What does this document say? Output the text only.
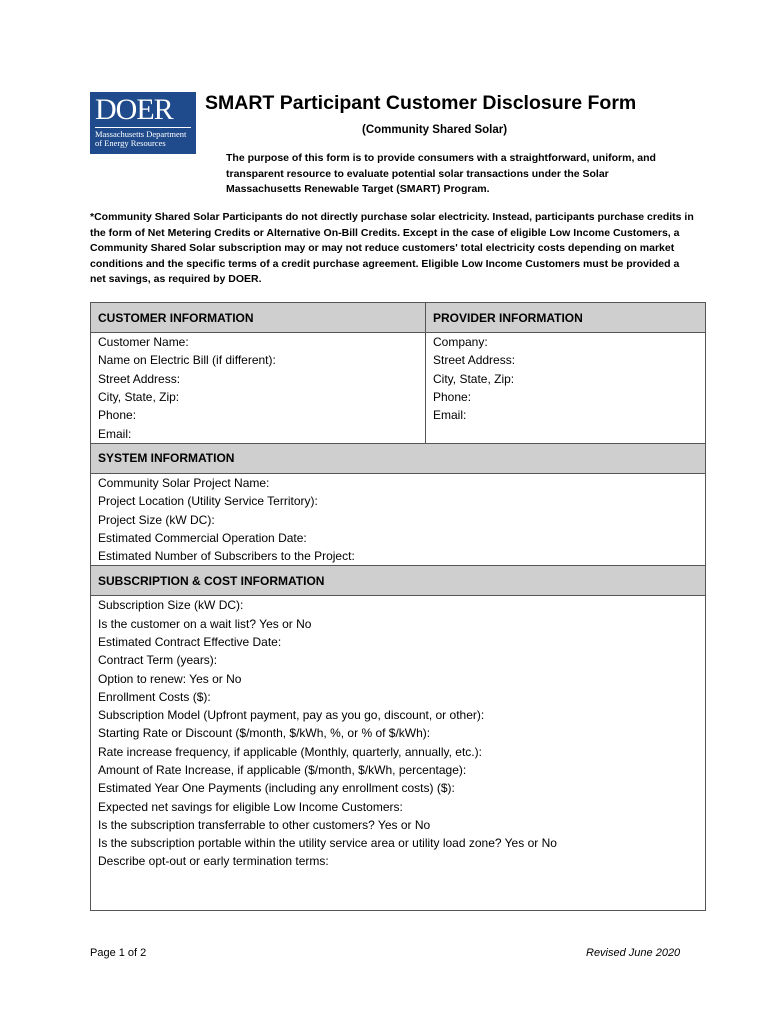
DOER
Massachusetts Department
of Energy Resources
SMART Participant Customer Disclosure Form
(Community Shared Solar)
The purpose of this form is to provide consumers with a straightforward, uniform, and transparent resource to evaluate potential solar transactions under the Solar Massachusetts Renewable Target (SMART) Program.
*Community Shared Solar Participants do not directly purchase solar electricity. Instead, participants purchase credits in the form of Net Metering Credits or Alternative On-Bill Credits. Except in the case of eligible Low Income Customers, a Community Shared Solar subscription may or may not reduce customers' total electricity costs depending on market conditions and the specific terms of a credit purchase agreement. Eligible Low Income Customers must be provided a net savings, as required by DOER.
CUSTOMER INFORMATION	PROVIDER INFORMATION
Customer Name:	Company:
Name on Electric Bill (if different):	Street Address:
Street Address:	City, State, Zip:
City, State, Zip:	Phone:
Phone:	Email:
Email:	
SYSTEM INFORMATION	
Community Solar Project Name:	
Project Location (Utility Service Territory):	
Project Size (kW DC):	
Estimated Commercial Operation Date:	
Estimated Number of Subscribers to the Project:	
SUBSCRIPTION & COST INFORMATION	
Subscription Size (kW DC):	
Is the customer on a wait list? Yes or No	
Estimated Contract Effective Date:	
Contract Term (years):	
Option to renew: Yes or No	
Enrollment Costs ($):	
Subscription Model (Upfront payment, pay as you go, discount, or other):	
Starting Rate or Discount ($/month, $/kWh, %, or % of $/kWh):	
Rate increase frequency, if applicable (Monthly, quarterly, annually, etc.):	
Amount of Rate Increase, if applicable ($/month, $/kWh, percentage):	
Estimated Year One Payments (including any enrollment costs) ($):	
Expected net savings for eligible Low Income Customers:	
Is the subscription transferrable to other customers? Yes or No	
Is the subscription portable within the utility service area or utility load zone? Yes or No	
Describe opt-out or early termination terms:	
Page 1 of 2	Revised June 2020
